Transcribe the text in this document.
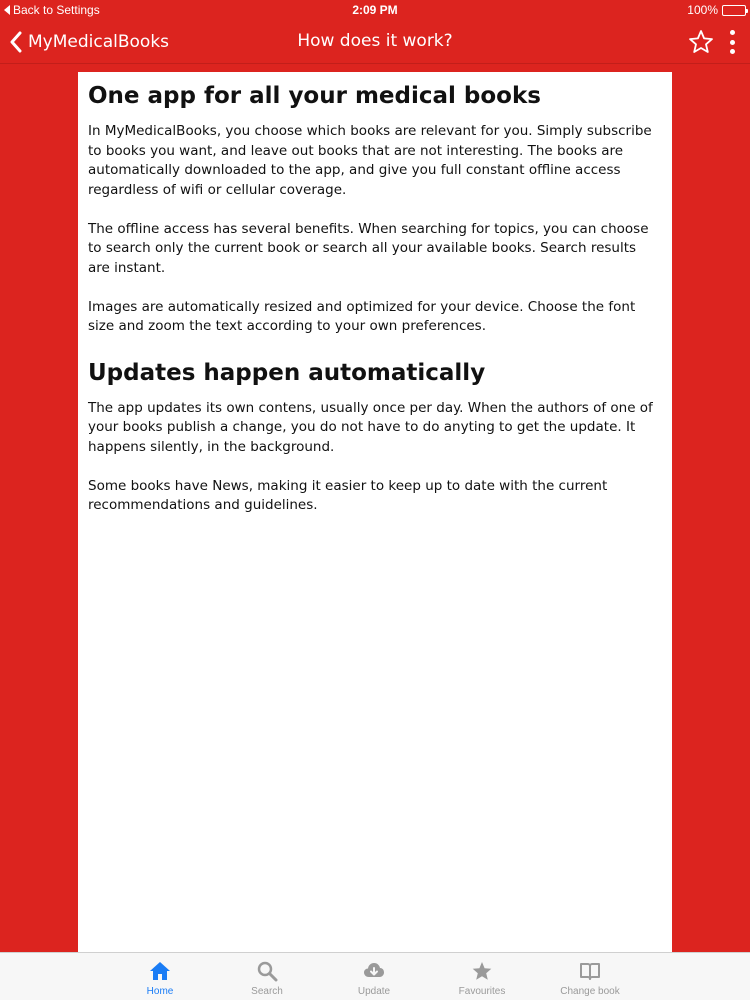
Back to Settings	2:09 PM	100%
MyMedicalBooks	How does it work?
One app for all your medical books

In MyMedicalBooks, you choose which books are relevant for you. Simply subscribe to books you want, and leave out books that are not interesting. The books are automatically downloaded to the app, and give you full constant offline access regardless of wifi or cellular coverage.

The offline access has several benefits. When searching for topics, you can choose to search only the current book or search all your available books. Search results are instant.

Images are automatically resized and optimized for your device. Choose the font size and zoom the text according to your own preferences.

Updates happen automatically

The app updates its own contens, usually once per day. When the authors of one of your books publish a change, you do not have to do anyting to get the update. It happens silently, in the background.

Some books have News, making it easier to keep up to date with the current recommendations and guidelines.

Home	Search	Update	Favourites	Change book
